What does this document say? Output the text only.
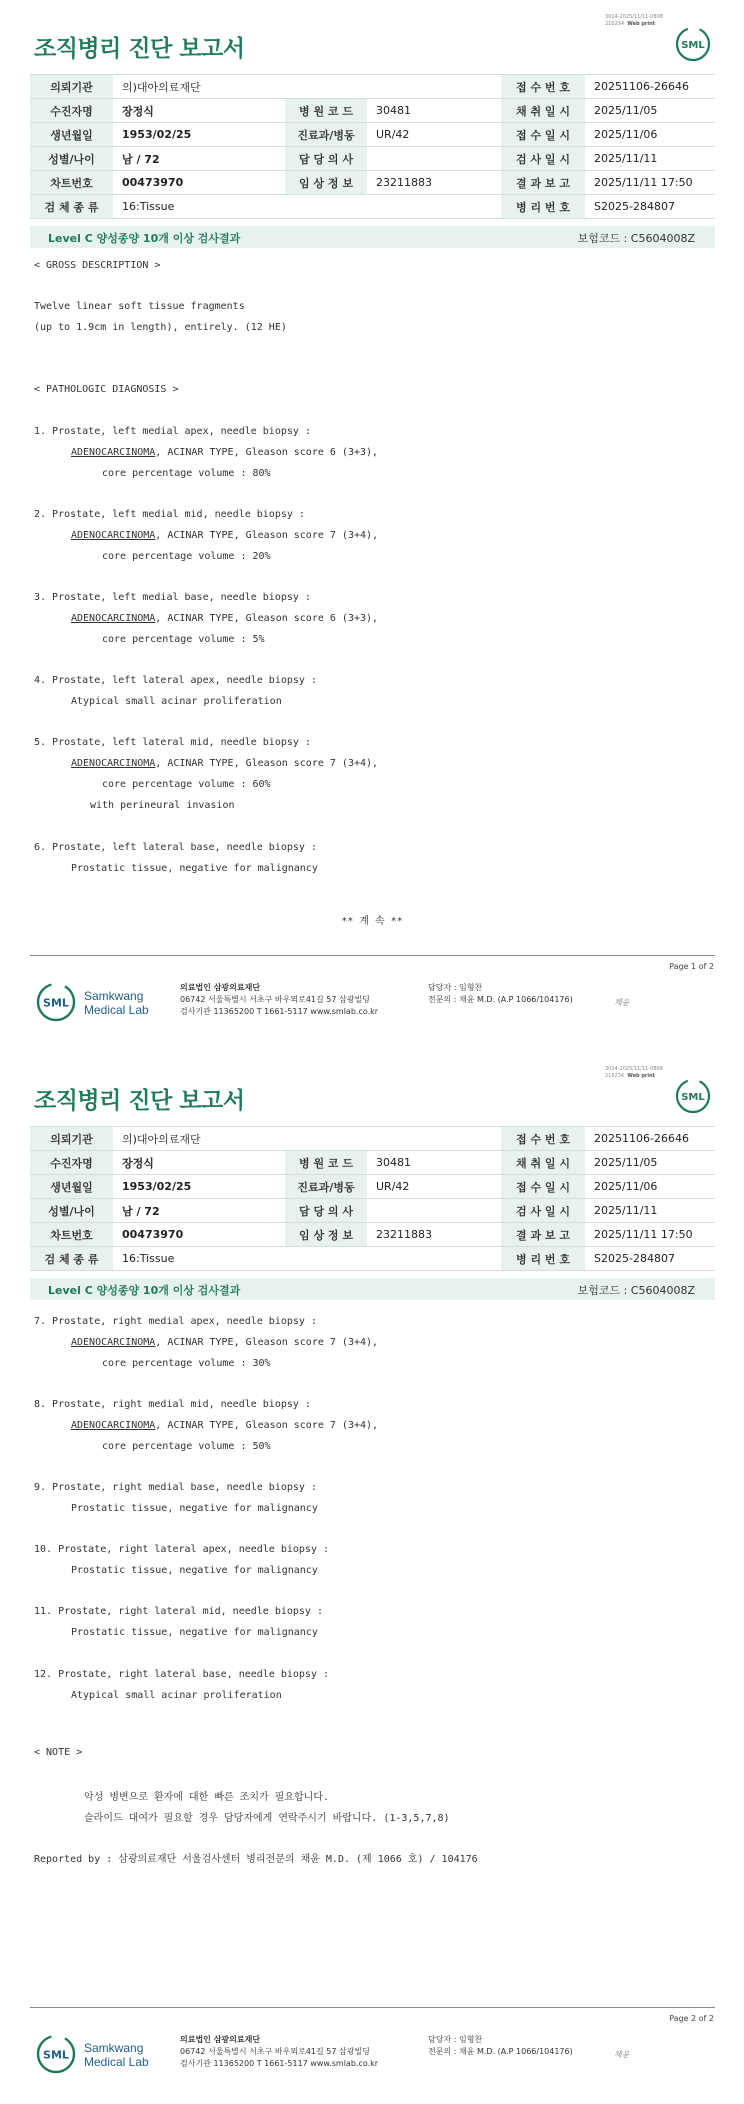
3014-2025/11/11-0808
210234 Web print
조직병리 진단 보고서	SML
의뢰기관	의)대아의료재단			접 수 번 호	20251106-26646
수진자명	장정식	병 원 코 드	30481	채 취 일 시	2025/11/05
생년월일	1953/02/25	진료과/병동	UR/42	접 수 일 시	2025/11/06
성별/나이	남 / 72	담 당 의 사		검 사 일 시	2025/11/11
차트번호	00473970	임 상 정 보	23211883	결 과 보 고	2025/11/11 17:50
검 체 종 류	16:Tissue			병 리 번 호	S2025-284807
Level C 양성종양 10개 이상 검사결과	보험코드 : C5604008Z

< GROSS DESCRIPTION >

Twelve linear soft tissue fragments

(up to 1.9cm in length), entirely. (12 HE)

< PATHOLOGIC DIAGNOSIS >

1. Prostate, left medial apex, needle biopsy :

ADENOCARCINOMA, ACINAR TYPE, Gleason score 6 (3+3),

core percentage volume : 80%

2. Prostate, left medial mid, needle biopsy :

ADENOCARCINOMA, ACINAR TYPE, Gleason score 7 (3+4),

core percentage volume : 20%

3. Prostate, left medial base, needle biopsy :

ADENOCARCINOMA, ACINAR TYPE, Gleason score 6 (3+3),

core percentage volume : 5%

4. Prostate, left lateral apex, needle biopsy :

Atypical small acinar proliferation

5. Prostate, left lateral mid, needle biopsy :

ADENOCARCINOMA, ACINAR TYPE, Gleason score 7 (3+4),

core percentage volume : 60%

with perineural invasion

6. Prostate, left lateral base, needle biopsy :

Prostatic tissue, negative for malignancy

** 계 속 **
Page 1 of 2
SML Samkwang
Medical Lab
의료법인 삼광의료재단
06742 서울특별시 서초구 바우뫼로41길 57 삼광빌딩
검사기관 11365200 T 1661-5117 www.smlab.co.kr
담당자 : 임형찬
전문의 : 채윤 M.D. (A.P 1066/104176)	채윤
3014-2025/11/11-0808
210234 Web print
조직병리 진단 보고서	SML
의뢰기관	의)대아의료재단			접 수 번 호	20251106-26646
수진자명	장정식	병 원 코 드	30481	채 취 일 시	2025/11/05
생년월일	1953/02/25	진료과/병동	UR/42	접 수 일 시	2025/11/06
성별/나이	남 / 72	담 당 의 사		검 사 일 시	2025/11/11
차트번호	00473970	임 상 정 보	23211883	결 과 보 고	2025/11/11 17:50
검 체 종 류	16:Tissue			병 리 번 호	S2025-284807
Level C 양성종양 10개 이상 검사결과	보험코드 : C5604008Z

7. Prostate, right medial apex, needle biopsy :

ADENOCARCINOMA, ACINAR TYPE, Gleason score 7 (3+4),

core percentage volume : 30%

8. Prostate, right medial mid, needle biopsy :

ADENOCARCINOMA, ACINAR TYPE, Gleason score 7 (3+4),

core percentage volume : 50%

9. Prostate, right medial base, needle biopsy :

Prostatic tissue, negative for malignancy

10. Prostate, right lateral apex, needle biopsy :

Prostatic tissue, negative for malignancy

11. Prostate, right lateral mid, needle biopsy :

Prostatic tissue, negative for malignancy

12. Prostate, right lateral base, needle biopsy :

Atypical small acinar proliferation

< NOTE >

악성 병변으로 환자에 대한 빠른 조치가 필요합니다.

슬라이드 대여가 필요할 경우 담당자에게 연락주시기 바랍니다. (1-3,5,7,8)

Reported by : 삼광의료재단 서울검사센터 병리전문의 채윤 M.D. (제 1066 호) / 104176

Page 2 of 2
SML Samkwang
Medical Lab
의료법인 삼광의료재단
06742 서울특별시 서초구 바우뫼로41길 57 삼광빌딩
검사기관 11365200 T 1661-5117 www.smlab.co.kr
담당자 : 임형찬
전문의 : 채윤 M.D. (A.P 1066/104176)	채윤
